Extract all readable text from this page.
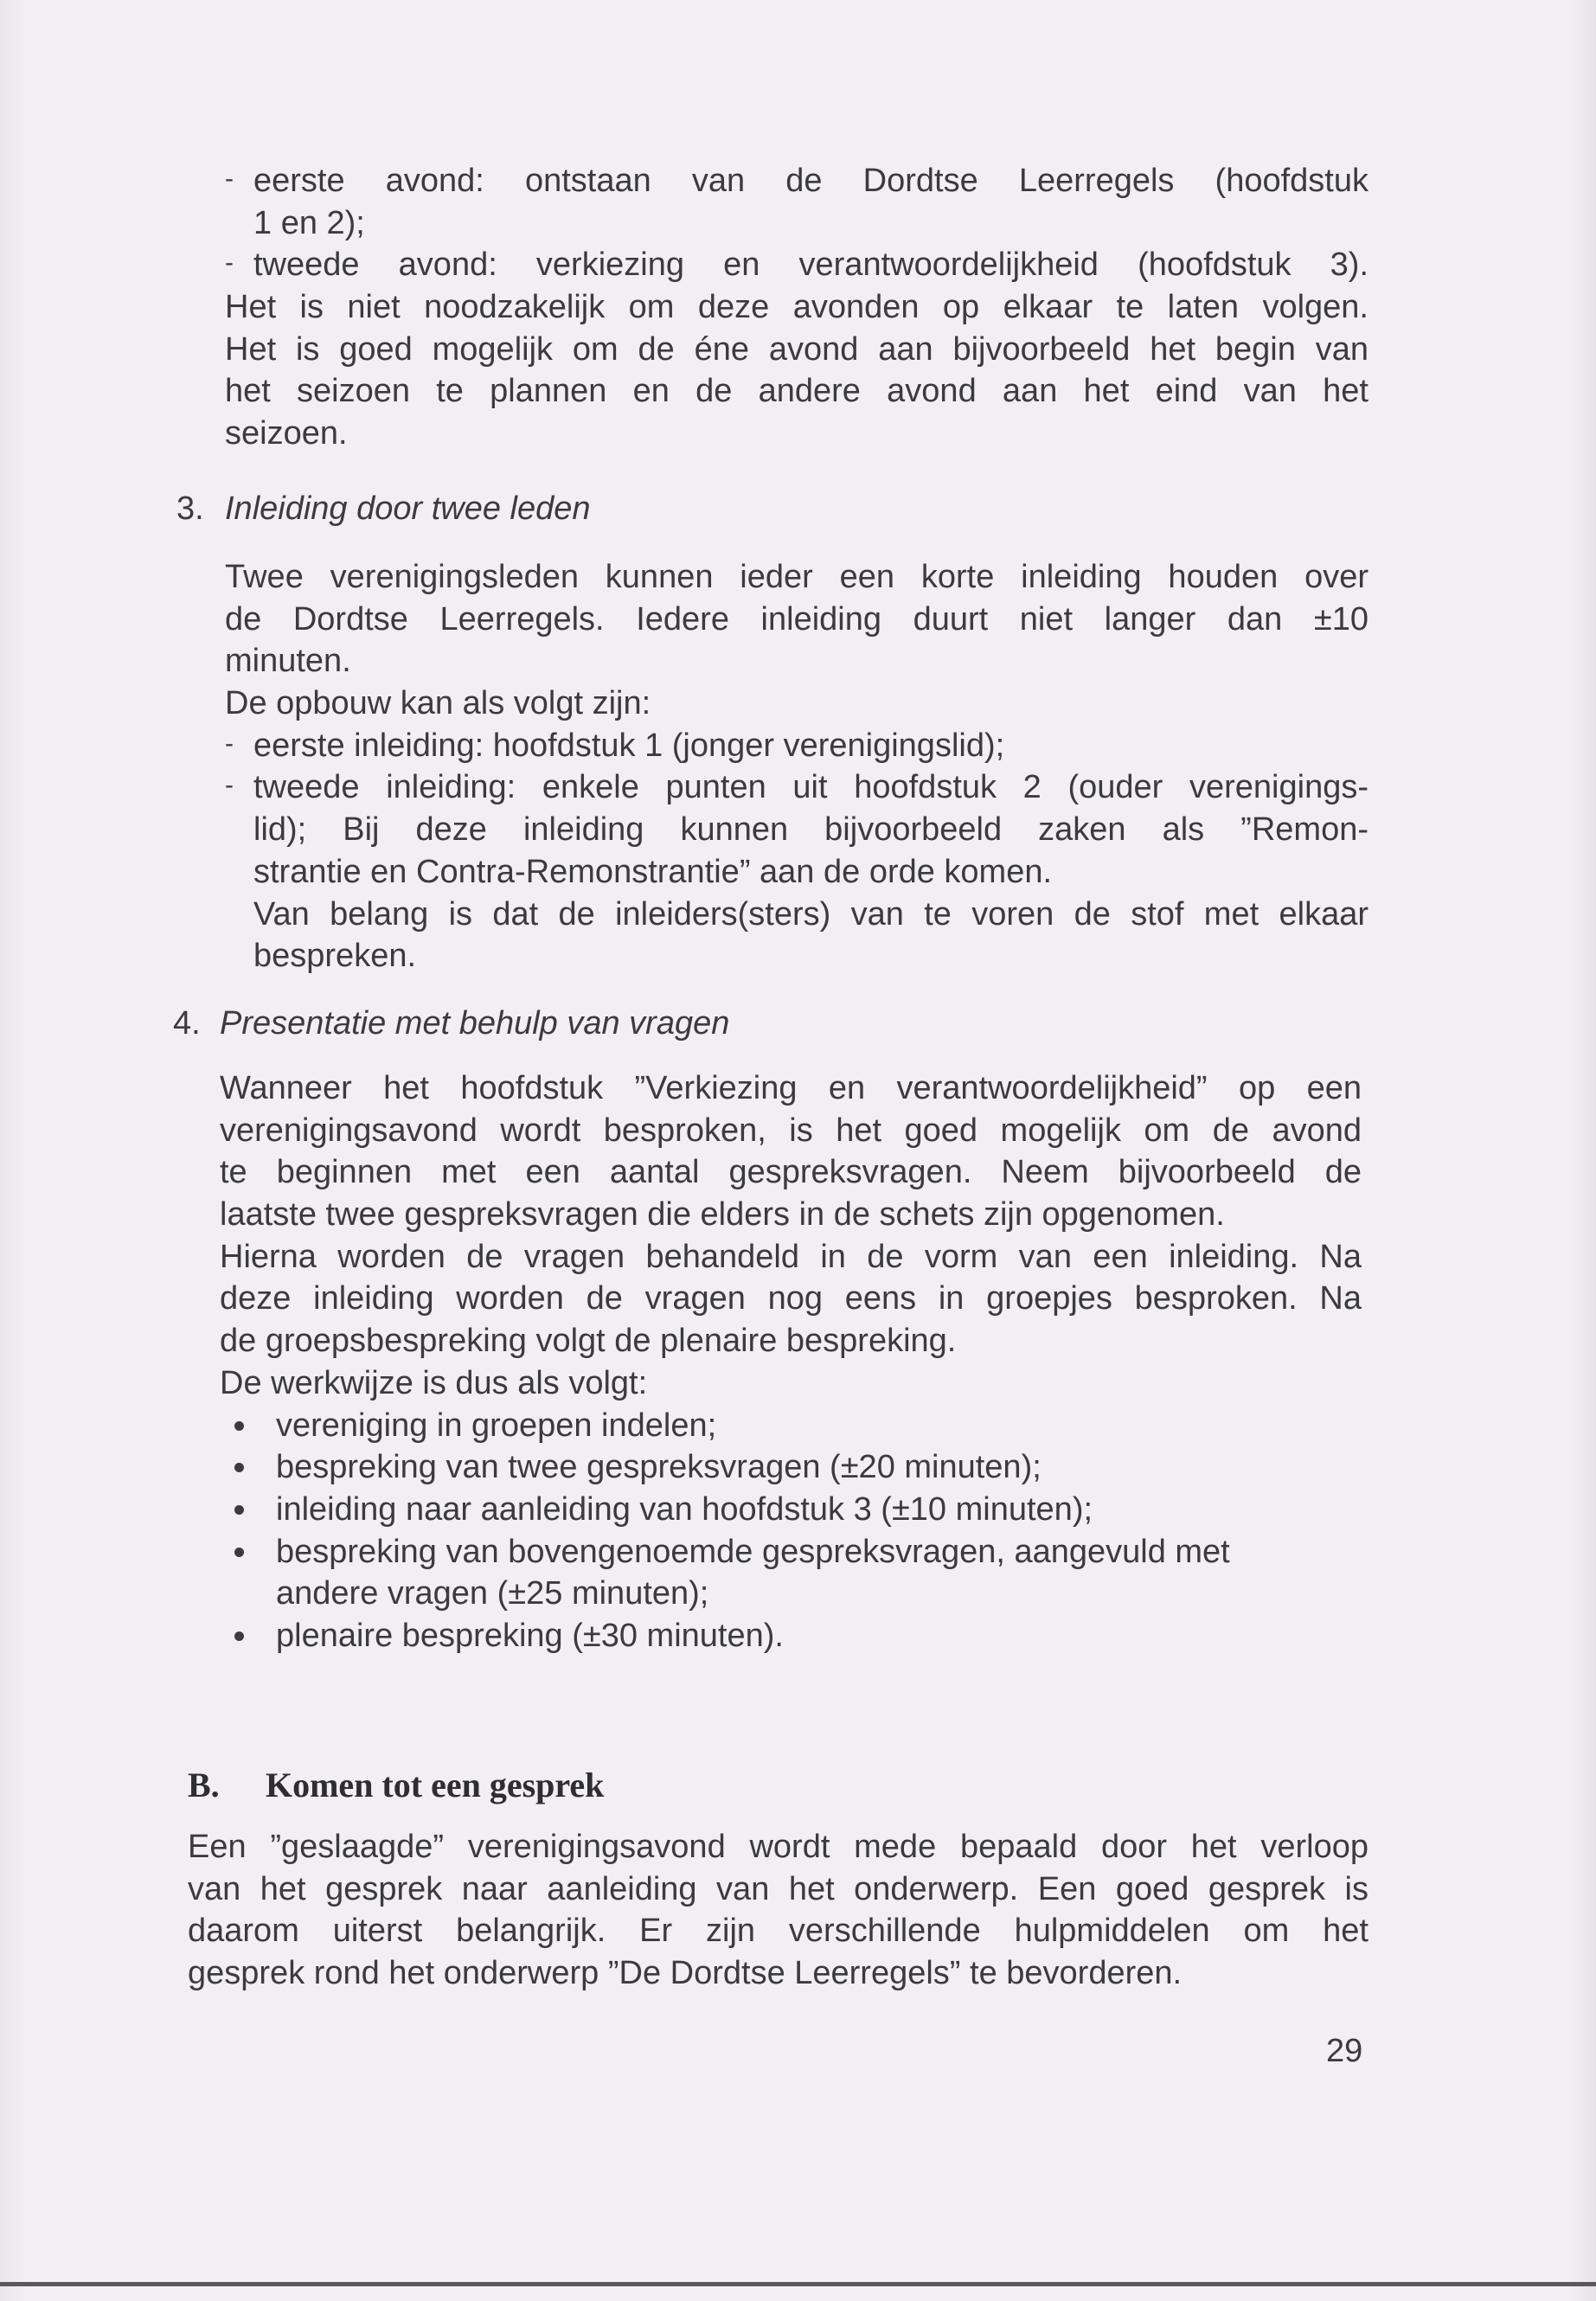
- eerste avond: ontstaan van de Dordtse Leerregels (hoofdstuk
1 en 2);
- tweede avond: verkiezing en verantwoordelijkheid (hoofdstuk 3).
Het is niet noodzakelijk om deze avonden op elkaar te laten volgen.
Het is goed mogelijk om de éne avond aan bijvoorbeeld het begin van
het seizoen te plannen en de andere avond aan het eind van het
seizoen.
3. Inleiding door twee leden
Twee verenigingsleden kunnen ieder een korte inleiding houden over
de Dordtse Leerregels. Iedere inleiding duurt niet langer dan ±10
minuten.
De opbouw kan als volgt zijn:
- eerste inleiding: hoofdstuk 1 (jonger verenigingslid);
- tweede inleiding: enkele punten uit hoofdstuk 2 (ouder verenigings-
lid); Bij deze inleiding kunnen bijvoorbeeld zaken als ”Remon-
strantie en Contra-Remonstrantie” aan de orde komen.
Van belang is dat de inleiders(sters) van te voren de stof met elkaar
bespreken.
4. Presentatie met behulp van vragen
Wanneer het hoofdstuk ”Verkiezing en verantwoordelijkheid” op een
verenigingsavond wordt besproken, is het goed mogelijk om de avond
te beginnen met een aantal gespreksvragen. Neem bijvoorbeeld de
laatste twee gespreksvragen die elders in de schets zijn opgenomen.
Hierna worden de vragen behandeld in de vorm van een inleiding. Na
deze inleiding worden de vragen nog eens in groepjes besproken. Na
de groepsbespreking volgt de plenaire bespreking.
De werkwijze is dus als volgt:
vereniging in groepen indelen;
bespreking van twee gespreksvragen (±20 minuten);
inleiding naar aanleiding van hoofdstuk 3 (±10 minuten);
bespreking van bovengenoemde gespreksvragen, aangevuld met
andere vragen (±25 minuten);
plenaire bespreking (±30 minuten).
B. Komen tot een gesprek
Een ”geslaagde” verenigingsavond wordt mede bepaald door het verloop
van het gesprek naar aanleiding van het onderwerp. Een goed gesprek is
daarom uiterst belangrijk. Er zijn verschillende hulpmiddelen om het
gesprek rond het onderwerp ”De Dordtse Leerregels” te bevorderen.
29
